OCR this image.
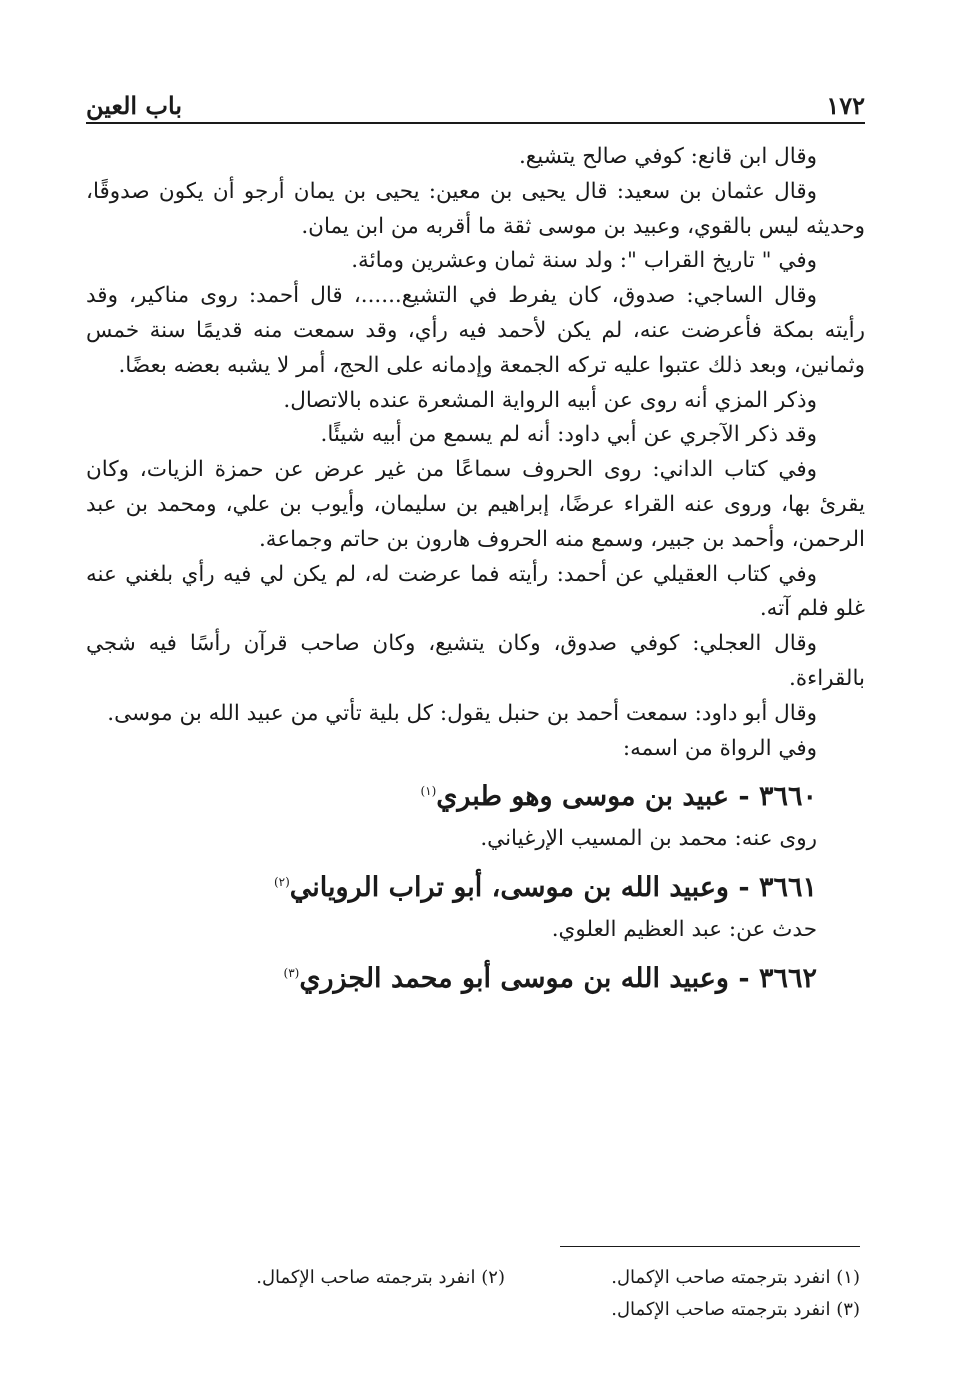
١٧٢
باب العين

وقال ابن قانع: كوفي صالح يتشيع.

وقال عثمان بن سعيد: قال يحيى بن معين: يحيى بن يمان أرجو أن يكون صدوقًا، وحديثه ليس بالقوي، وعبيد بن موسى ثقة ما أقربه من ابن يمان.

وفي " تاريخ القراب ": ولد سنة ثمان وعشرين ومائة.

وقال الساجي: صدوق، كان يفرط في التشيع......، قال أحمد: روى مناكير، وقد رأيته بمكة فأعرضت عنه، لم يكن لأحمد فيه رأي، وقد سمعت منه قديمًا سنة خمس وثمانين، وبعد ذلك عتبوا عليه تركه الجمعة وإدمانه على الحج، أمر لا يشبه بعضه بعضًا.

وذكر المزي أنه روى عن أبيه الرواية المشعرة عنده بالاتصال.

وقد ذكر الآجري عن أبي داود: أنه لم يسمع من أبيه شيئًا.

وفي كتاب الداني: روى الحروف سماعًا من غير عرض عن حمزة الزيات، وكان يقرئ بها، وروى عنه القراء عرضًا، إبراهيم بن سليمان، وأيوب بن علي، ومحمد بن عبد الرحمن، وأحمد بن جبير، وسمع منه الحروف هارون بن حاتم وجماعة.

وفي كتاب العقيلي عن أحمد: رأيته فما عرضت له، لم يكن لي فيه رأي بلغني عنه غلو فلم آته.

وقال العجلي: كوفي صدوق، وكان يتشيع، وكان صاحب قرآن رأسًا فيه شجي بالقراءة.

وقال أبو داود: سمعت أحمد بن حنبل يقول: كل بلية تأتي من عبيد الله بن موسى.

وفي الرواة من اسمه:

٣٦٦٠ - عبيد بن موسى وهو طبري$^{(١)}$
روى عنه: محمد بن المسيب الإرغياني.
٣٦٦١ - وعبيد الله بن موسى، أبو تراب الروياني$^{(٢)}$
حدث عن: عبد العظيم العلوي.
٣٦٦٢ - وعبيد الله بن موسى أبو محمد الجزري$^{(٣)}$
(١) انفرد بترجمته صاحب الإكمال.
(٢) انفرد بترجمته صاحب الإكمال.
(٣) انفرد بترجمته صاحب الإكمال.
